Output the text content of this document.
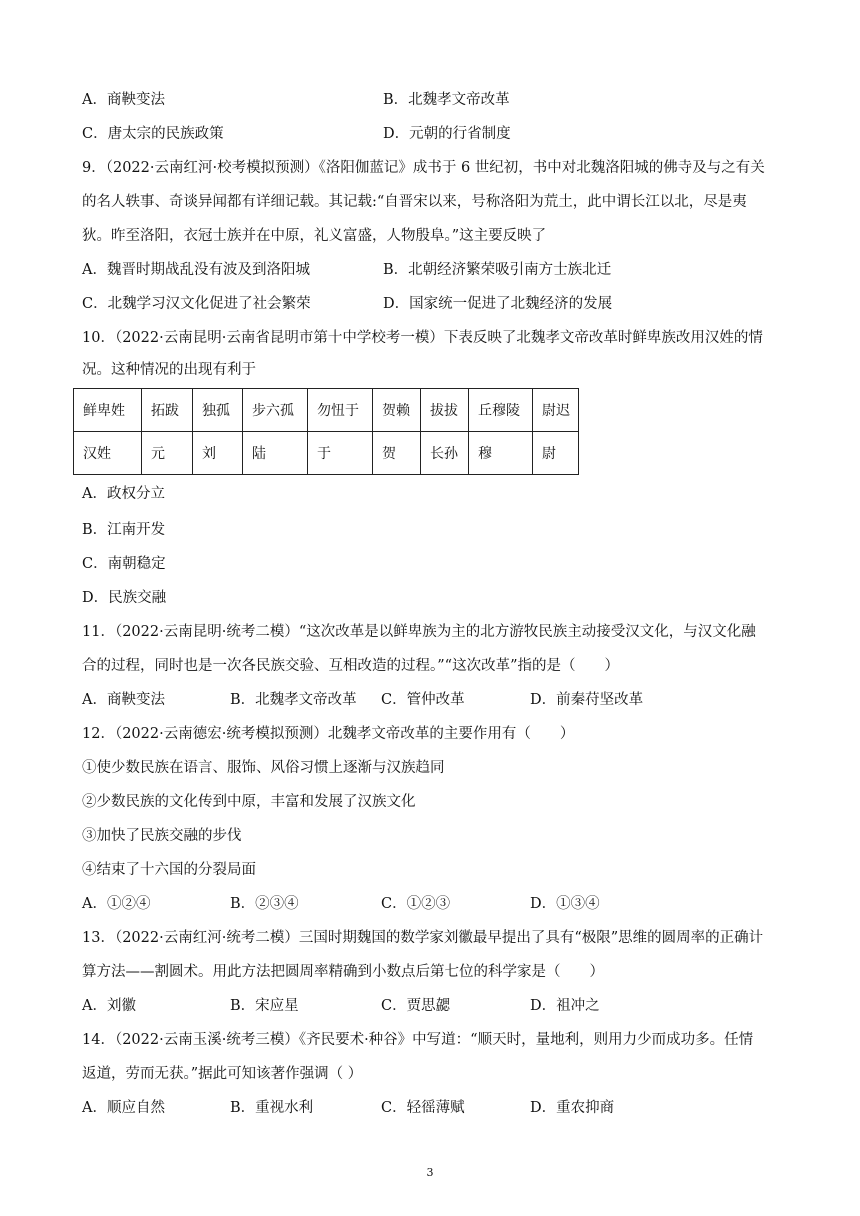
A．商鞅变法	B．北魏孝文帝改革
C．唐太宗的民族政策	D．元朝的行省制度
9．（2022·云南红河·校考模拟预测）《洛阳伽蓝记》成书于 6 世纪初，书中对北魏洛阳城的佛寺及与之有关
的名人轶事、奇谈异闻都有详细记载。其记载:“自晋宋以来，号称洛阳为荒土，此中谓长江以北，尽是夷
狄。昨至洛阳，衣冠士族并在中原，礼义富盛，人物殷阜。”这主要反映了
A．魏晋时期战乱没有波及到洛阳城	B．北朝经济繁荣吸引南方士族北迁
C．北魏学习汉文化促进了社会繁荣	D．国家统一促进了北魏经济的发展
10．（2022·云南昆明·云南省昆明市第十中学校考一模）下表反映了北魏孝文帝改革时鲜卑族改用汉姓的情
况。这种情况的出现有利于
鲜卑姓	拓跋	独孤	步六孤	勿忸于	贺赖	拔拔	丘穆陵	尉迟
汉姓	元	刘	陆	于	贺	长孙	穆	尉
A．政权分立
B．江南开发
C．南朝稳定
D．民族交融
11．（2022·云南昆明·统考二模）“这次改革是以鲜卑族为主的北方游牧民族主动接受汉文化，与汉文化融
合的过程，同时也是一次各民族交验、互相改造的过程。”“这次改革”指的是（　　）
A．商鞅变法	B．北魏孝文帝改革 C．管仲改革	D．前秦苻坚改革
12．（2022·云南德宏·统考模拟预测）北魏孝文帝改革的主要作用有（　　）
①使少数民族在语言、服饰、风俗习惯上逐渐与汉族趋同
②少数民族的文化传到中原，丰富和发展了汉族文化
③加快了民族交融的步伐
④结束了十六国的分裂局面
A．①②④	B．②③④	C．①②③	D．①③④
13．（2022·云南红河·统考二模）三国时期魏国的数学家刘徽最早提出了具有“极限”思维的圆周率的正确计
算方法——割圆术。用此方法把圆周率精确到小数点后第七位的科学家是（　　）
A．刘徽	B．宋应星	C．贾思勰	D．祖冲之
14．（2022·云南玉溪·统考三模）《齐民要术·种谷》中写道：“顺天时，量地利，则用力少而成功多。任情
返道，劳而无获。”据此可知该著作强调（ ）
A．顺应自然	B．重视水利	C．轻徭薄赋	D．重农抑商
3
